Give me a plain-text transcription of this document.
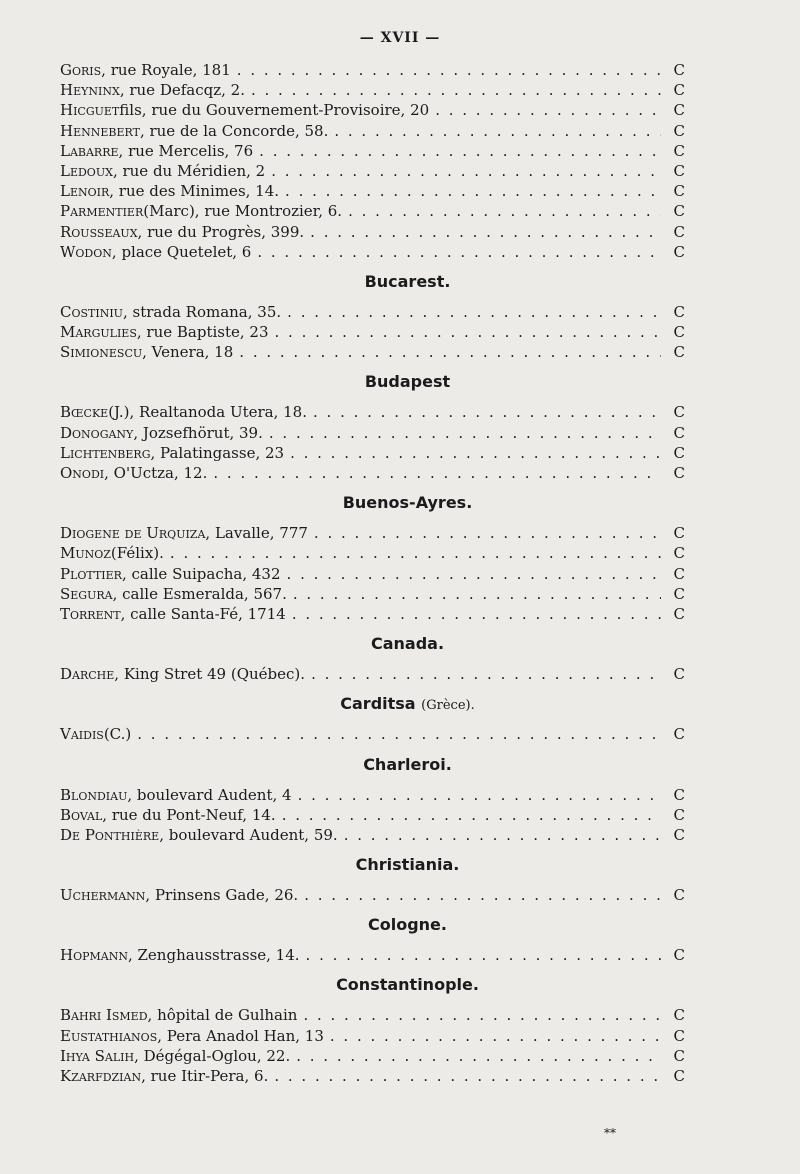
— XVII —
Goris , rue Royale, 181 . . .	C
Heyninx , rue Defacqz, 2. . . .	C
Hicguet fils, rue du Gouvernement-Provisoire, 20 . . .	C
Hennebert , rue de la Concorde, 58. . . .	C
Labarre , rue Mercelis, 76 . . .	C
Ledoux , rue du Méridien, 2 . . .	C
Lenoir , rue des Minimes, 14. . . .	C
Parmentier (Marc), rue Montrozier, 6. . . .	C
Rousseaux , rue du Progrès, 399. . . .	C
Wodon , place Quetelet, 6 . . .	C
Bucarest.
Costiniu , strada Romana, 35. . . .	C
Margulies , rue Baptiste, 23 . . .	C
Simionescu , Venera, 18 . . .	C
Budapest
Bœcke (J.), Realtanoda Utera, 18. . . .	C
Donogany , Jozsefhörut, 39. . . .	C
Lichtenberg , Palatingasse, 23 . . .	C
Onodi , O'Uctza, 12. . . .	C
Buenos-Ayres.
Diogene de Urquiza , Lavalle, 777 . . .	C
Munoz (Félix). . . .	C
Plottier , calle Suipacha, 432 . . .	C
Segura , calle Esmeralda, 567. . . .	C
Torrent , calle Santa-Fé, 1714 . . .	C
Canada.
Darche , King Stret 49 (Québec). . . .	C
Carditsa (Grèce).
Vaidis (C.) . . .	C
Charleroi.
Blondiau , boulevard Audent, 4 . . .	C
Boval , rue du Pont-Neuf, 14. . . .	C
De Ponthière , boulevard Audent, 59. . . .	C
Christiania.
Uchermann , Prinsens Gade, 26. . . .	C
Cologne.
Hopmann , Zenghausstrasse, 14. . . .	C
Constantinople.
Bahri Ismed , hôpital de Gulhain . . .	C
Eustathianos , Pera Anadol Han, 13 . . .	C
Ihya Salih , Dégégal-Oglou, 22. . . .	C
Kzarfdzian , rue Itir-Pera, 6. . . .	C
**
